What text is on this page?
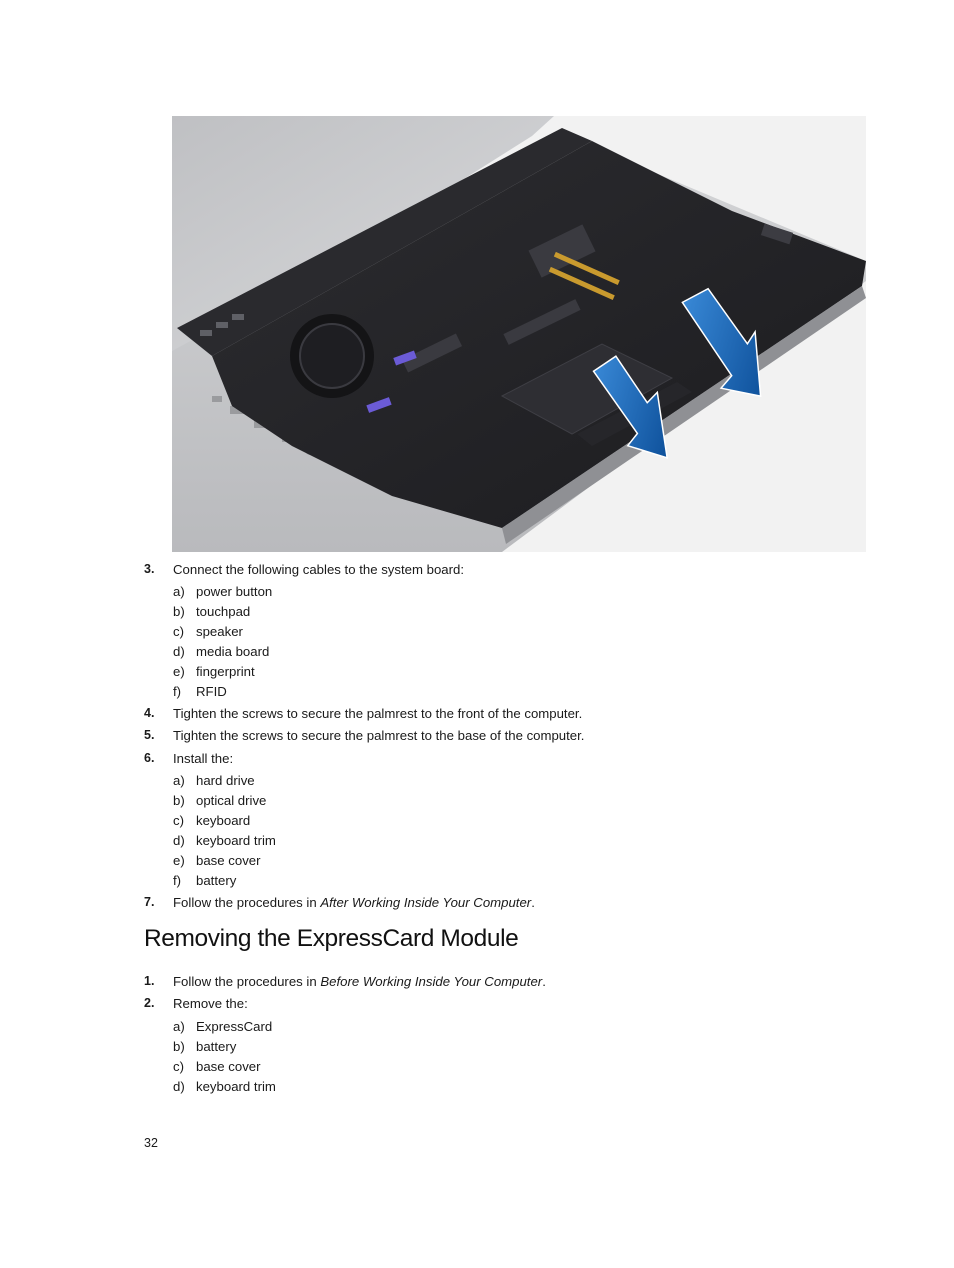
3. Connect the following cables to the system board:
a) power button
b) touchpad
c) speaker
d) media board
e) fingerprint
f) RFID
4. Tighten the screws to secure the palmrest to the front of the computer.
5. Tighten the screws to secure the palmrest to the base of the computer.
6. Install the:
a) hard drive
b) optical drive
c) keyboard
d) keyboard trim
e) base cover
f) battery
7. Follow the procedures in After Working Inside Your Computer.
Removing the ExpressCard Module
1. Follow the procedures in Before Working Inside Your Computer.
2. Remove the:
a) ExpressCard
b) battery
c) base cover
d) keyboard trim
32
